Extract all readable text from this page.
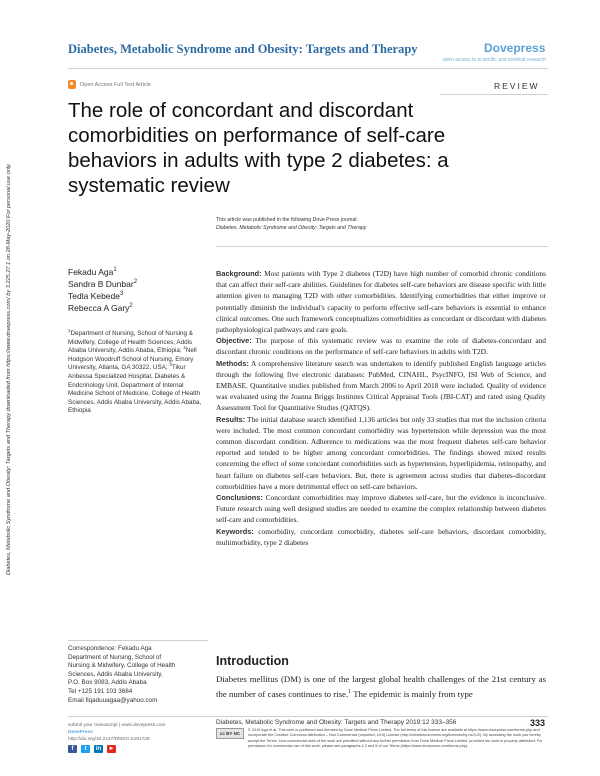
Diabetes, Metabolic Syndrome and Obesity: Targets and Therapy downloaded from https://www.dovepress.com/ by 3.225.27.1 on 28-May-2020 For personal use only.
Diabetes, Metabolic Syndrome and Obesity: Targets and Therapy	Dovepress
open access to scientific and medical research
Open Access Full Text Article	REVIEW
The role of concordant and discordant comorbidities on performance of self-care behaviors in adults with type 2 diabetes: a systematic review
This article was published in the following Dove Press journal:
Diabetes, Metabolic Syndrome and Obesity: Targets and Therapy
Fekadu Aga$^1$
Sandra B Dunbar$^2$
Tedla Kebede$^3$
Rebecca A Gary$^2$
$^1$Department of Nursing, School of Nursing & Midwifery, College of Health Sciences, Addis Ababa University, Addis Ababa, Ethiopia; $^2$Nell Hodgson Woodruff School of Nursing, Emory University, Atlanta, GA 30322, USA; $^3$Tikur Anbessa Specialized Hospital, Diabetes & Endcrinology Unit, Department of Internal Medicine School of Medicine, College of Health Sciences, Addis Ababa University, Addis Ababa, Ethiopia

Background: Most patients with Type 2 diabetes (T2D) have high number of comorbid chronic conditions that can affect their self-care abilities. Guidelines for diabetes self-care behaviors are disease specific with little attention given to managing T2D with other comorbidities. Identifying comorbidities that either improve or potentially diminish the individual's capacity to perform effective self-care behaviors is essential to enhance clinical outcomes. One such framework conceptualizes comorbidities as concordant or discordant with diabetes pathophysiological pathways and care goals.

Objective: The purpose of this systematic review was to examine the role of diabetes-concordant and discordant chronic conditions on the performance of self-care behaviors in adults with T2D.

Methods: A comprehensive literature search was undertaken to identify published English language articles through the following five electronic databases: PubMed, CINAHL, PsycINFO, ISI Web of Science, and EMBASE. Quantitative studies published from March 2006 to April 2018 were included. Quality of evidence was evaluated using the Joanna Briggs Institutes Critical Appraisal Tools (JBI-CAT) and rated using Quality Assessment Tool for Quantitative Studies (QATQS).

Results: The initial database search identified 1,136 articles but only 33 studies that met the inclusion criteria were included. The most common concordant comorbidity was hypertension while depression was the most common discordant condition. Adherence to medications was the most frequent diabetes self-care behavior reported and tended to be higher among concordant comorbidities. The findings showed mixed results concerning the effect of some concordant comorbidities such as hypertension, hyperlipidemia, retinopathy, and heart failure on diabetes self-care behaviors. But, there is agreement across studies that diabetes-discordant comorbidities have a more detrimental effect on self-care behaviors.

Conclusions: Concordant comorbidities may improve diabetes self-care, but the evidence is inconclusive. Future research using well designed studies are needed to examine the complex relationship between diabetes self-care and comorbidities.

Keywords: comorbidity, concordant comorbidity, diabetes self-care behaviors, discordant comorbidity, multimorbidity, type 2 diabetes

Correspondence: Fekadu Aga
Department of Nursing, School of
Nursing & Midwifery, College of Health
Sciences, Addis Ababa University,
P.O. Box 9083, Addis Ababa
Tel +125 191 103 3684
Email fiqaduuagaa@yahoo.com
Introduction
Diabetes mellitus (DM) is one of the largest global health challenges of the 21st century as the number of cases continues to rise.$^1$ The epidemic is mainly from type
submit your manuscript | www.dovepress.com
DovePress
http://doi.org/10.2147/DMSO.S191728
f	t	in	►
Diabetes, Metabolic Syndrome and Obesity: Targets and Therapy 2019:12 333–356	333
cc BY NC
© 2019 Aga et al. This work is published and licensed by Dove Medical Press Limited. The full terms of this license are available at https://www.dovepress.com/terms.php and incorporate the Creative Commons Attribution – Non Commercial (unported, v3.0) License (http://creativecommons.org/licenses/by-nc/3.0/). By accessing the work you hereby accept the Terms. Non-commercial uses of the work are permitted without any further permission from Dove Medical Press Limited, provided the work is properly attributed. For permission for commercial use of this work, please see paragraphs 4.2 and 5 of our Terms (https://www.dovepress.com/terms.php).
